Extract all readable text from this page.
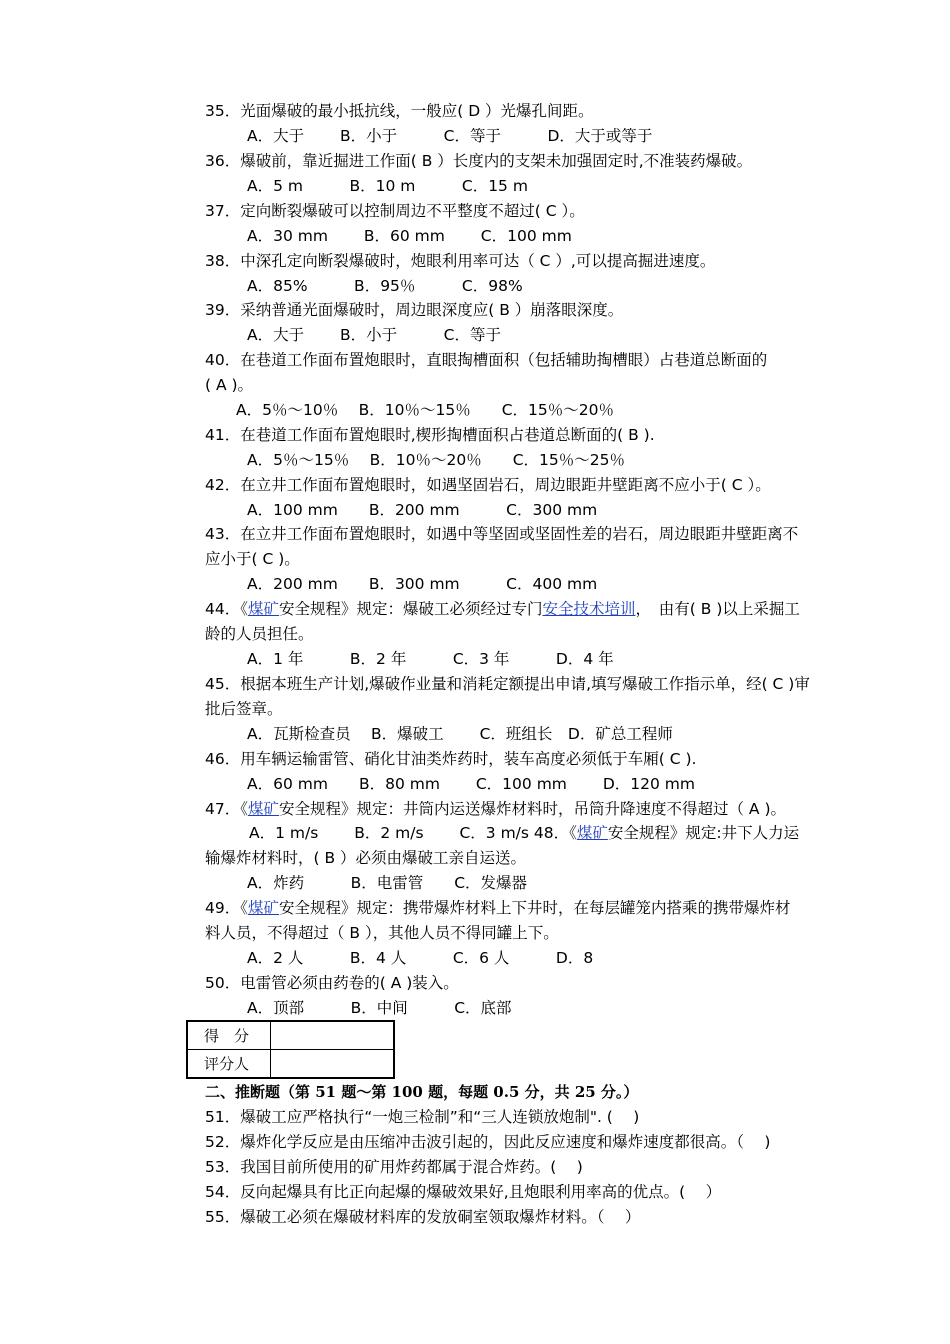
35．光面爆破的最小抵抗线，一般应( D ）光爆孔间距。
A．大于　　 B．小于　　　C．等于　　　D．大于或等于
36．爆破前，靠近掘进工作面( B ）长度内的支架未加强固定时,不准装药爆破。
A．5 m　　　B．10 m　　　C．15 m
37．定向断裂爆破可以控制周边不平整度不超过( C ）。
A．30 mm　　 B．60 mm　　 C．100 mm
38．中深孔定向断裂爆破时，炮眼利用率可达（ C ）,可以提高掘进速度。
A．85%　　　B．95％　　　C．98%
39．采纳普通光面爆破时，周边眼深度应( B ）崩落眼深度。
A．大于　　 B．小于　　　C．等于
40．在巷道工作面布置炮眼时，直眼掏槽面积（包括辅助掏槽眼）占巷道总断面的
( A )。
A．5％～10％　 B．10％～15％　　C．15％～20％
41．在巷道工作面布置炮眼时,楔形掏槽面积占巷道总断面的( B ).
A．5％～15％　 B．10％～20％　　C．15％～25％
42．在立井工作面布置炮眼时，如遇坚固岩石，周边眼距井壁距离不应小于( C ）。
A．100 mm　　B．200 mm　　　C．300 mm
43．在立井工作面布置炮眼时，如遇中等坚固或坚固性差的岩石，周边眼距井壁距离不
应小于( C )。
A．200 mm　　B．300 mm　　　C．400 mm
44．《煤矿安全规程》规定：爆破工必须经过专门安全技术培训，　由有( B )以上采掘工
龄的人员担任。
A．1 年　　　B．2 年　　　C．3 年　　　D．4 年
45．根据本班生产计划,爆破作业量和消耗定额提出申请,填写爆破工作指示单，经( C )审
批后签章。
A．瓦斯检查员　 B．爆破工　　 C．班组长　D．矿总工程师
46．用车辆运输雷管、硝化甘油类炸药时，装车高度必须低于车厢( C ).
A．60 mm　　B．80 mm　　 C．100 mm　　 D．120 mm
47．《煤矿安全规程》规定：井筒内运送爆炸材料时，吊筒升降速度不得超过（ A )。
A．1 m/s　　 B．2 m/s　　 C．3 m/s 48．《煤矿安全规程》规定:井下人力运
输爆炸材料时，( B ）必须由爆破工亲自运送。
A．炸药　　　B．电雷管　　C．发爆器
49．《煤矿安全规程》规定：携带爆炸材料上下井时，在每层罐笼内搭乘的携带爆炸材
料人员，不得超过（ B ），其他人员不得同罐上下。
A．2 人　　　B．4 人　　　C．6 人　　　D．8
50．电雷管必须由药卷的( A )装入。
A．顶部　　　B．中间　　　C．底部
得　分	
评分人	
二、推断题（第 51 题～第 100 题，每题 0.5 分，共 25 分。）
51．爆破工应严格执行“一炮三检制”和“三人连锁放炮制". (　 )
52．爆炸化学反应是由压缩冲击波引起的，因此反应速度和爆炸速度都很高。（　 )
53．我国目前所使用的矿用炸药都属于混合炸药。(　 )
54．反向起爆具有比正向起爆的爆破效果好,且炮眼利用率高的优点。(　 ）
55．爆破工必须在爆破材料库的发放硐室领取爆炸材料。（　 ）
